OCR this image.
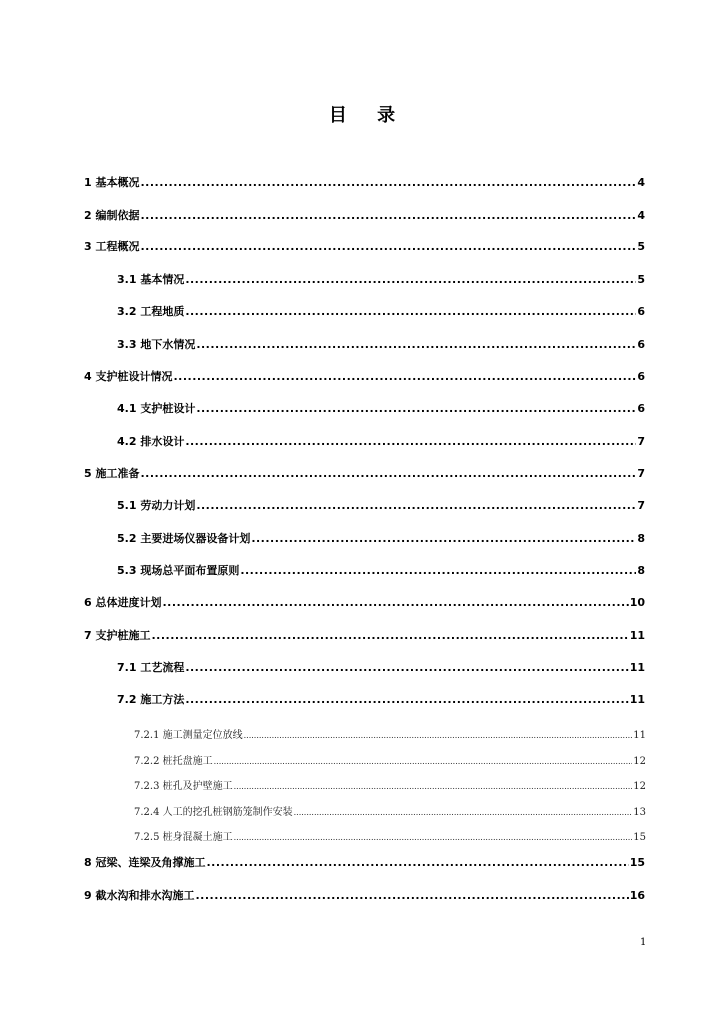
目 录
1 基本概况 .....	4
2 编制依据 .....	4
3 工程概况 .....	5
3.1 基本情况 .....	5
3.2 工程地质 .....	6
3.3 地下水情况 .....	6
4 支护桩设计情况 .....	6
4.1 支护桩设计 .....	6
4.2 排水设计 .....	7
5 施工准备 .....	7
5.1 劳动力计划 .....	7
5.2 主要进场仪器设备计划 .....	8
5.3 现场总平面布置原则 .....	8
6 总体进度计划 .....	10
7 支护桩施工 .....	11
7.1 工艺流程 .....	11
7.2 施工方法 .....	11
7.2.1 施工测量定位放线 .....	11
7.2.2 桩托盘施工 .....	12
7.2.3 桩孔及护壁施工 .....	12
7.2.4 人工的挖孔桩钢筋笼制作安装 .....	13
7.2.5 桩身混凝土施工 .....	15
8 冠梁、连梁及角撑施工 .....	15
9 截水沟和排水沟施工 .....	16
1
